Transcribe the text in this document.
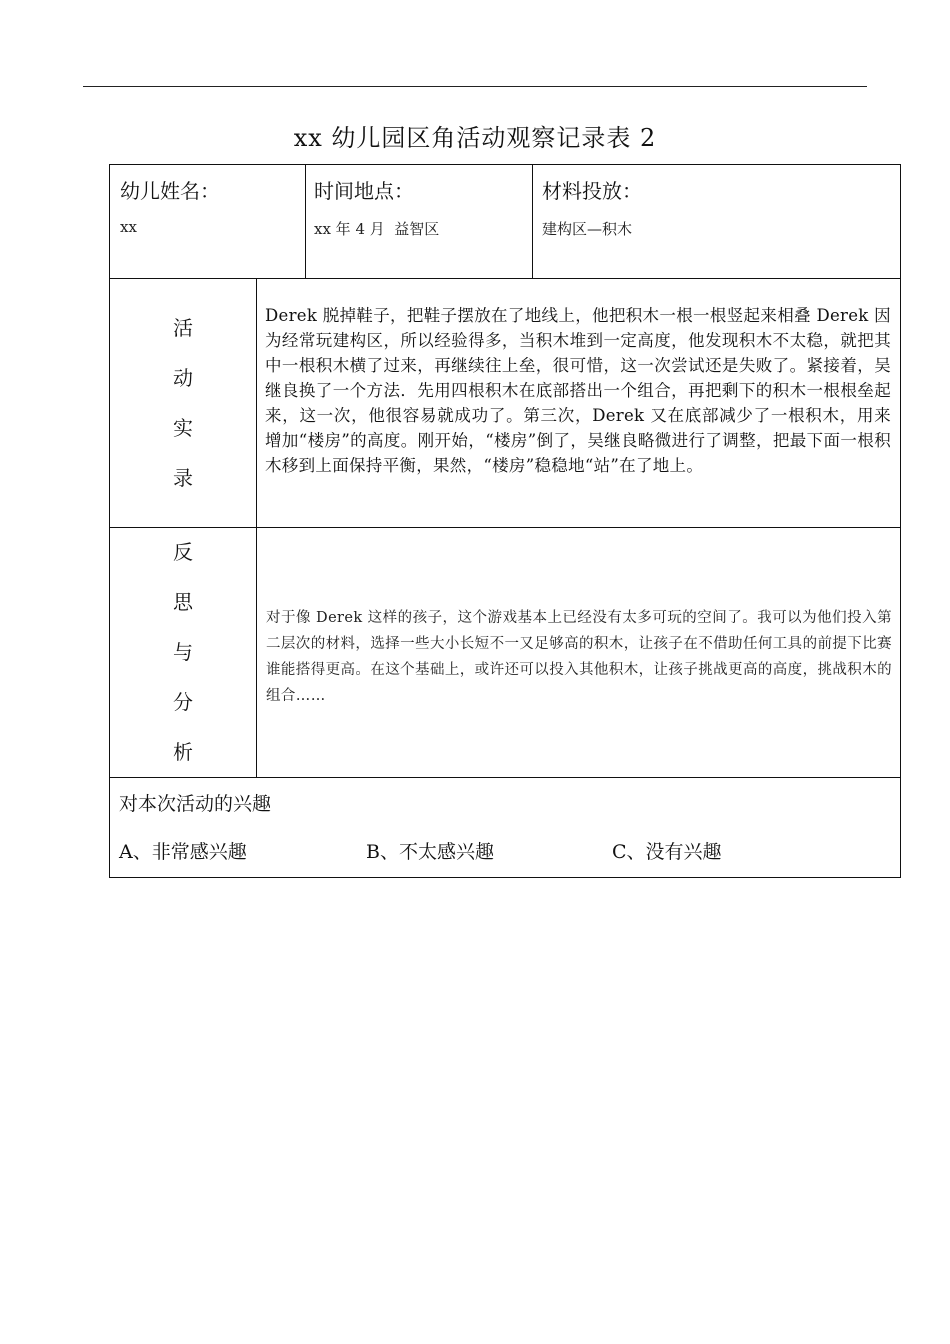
xx 幼儿园区角活动观察记录表 2
幼儿姓名：
xx
时间地点：
xx 年 4 月  益智区
材料投放：
建构区—积木
活
动
实
录
Derek 脱掉鞋子，把鞋子摆放在了地线上，他把积木一根一根竖起来相叠 Derek 因为经常玩建构区，所以经验得多，当积木堆到一定高度，他发现积木不太稳，就把其中一根积木横了过来，再继续往上垒，很可惜，这一次尝试还是失败了。紧接着，吴继良换了一个方法．先用四根积木在底部搭出一个组合，再把剩下的积木一根根垒起来，这一次，他很容易就成功了。第三次，Derek 又在底部减少了一根积木，用来增加“楼房”的高度。刚开始，“楼房”倒了，吴继良略微进行了调整，把最下面一根积木移到上面保持平衡，果然，“楼房”稳稳地“站”在了地上。
反
思
与
分
析
对于像 Derek 这样的孩子，这个游戏基本上已经没有太多可玩的空间了。我可以为他们投入第二层次的材料，选择一些大小长短不一又足够高的积木，让孩子在不借助任何工具的前提下比赛谁能搭得更高。在这个基础上，或许还可以投入其他积木，让孩子挑战更高的高度，挑战积木的组合……
对本次活动的兴趣
A、非常感兴趣	B、不太感兴趣	C、没有兴趣
